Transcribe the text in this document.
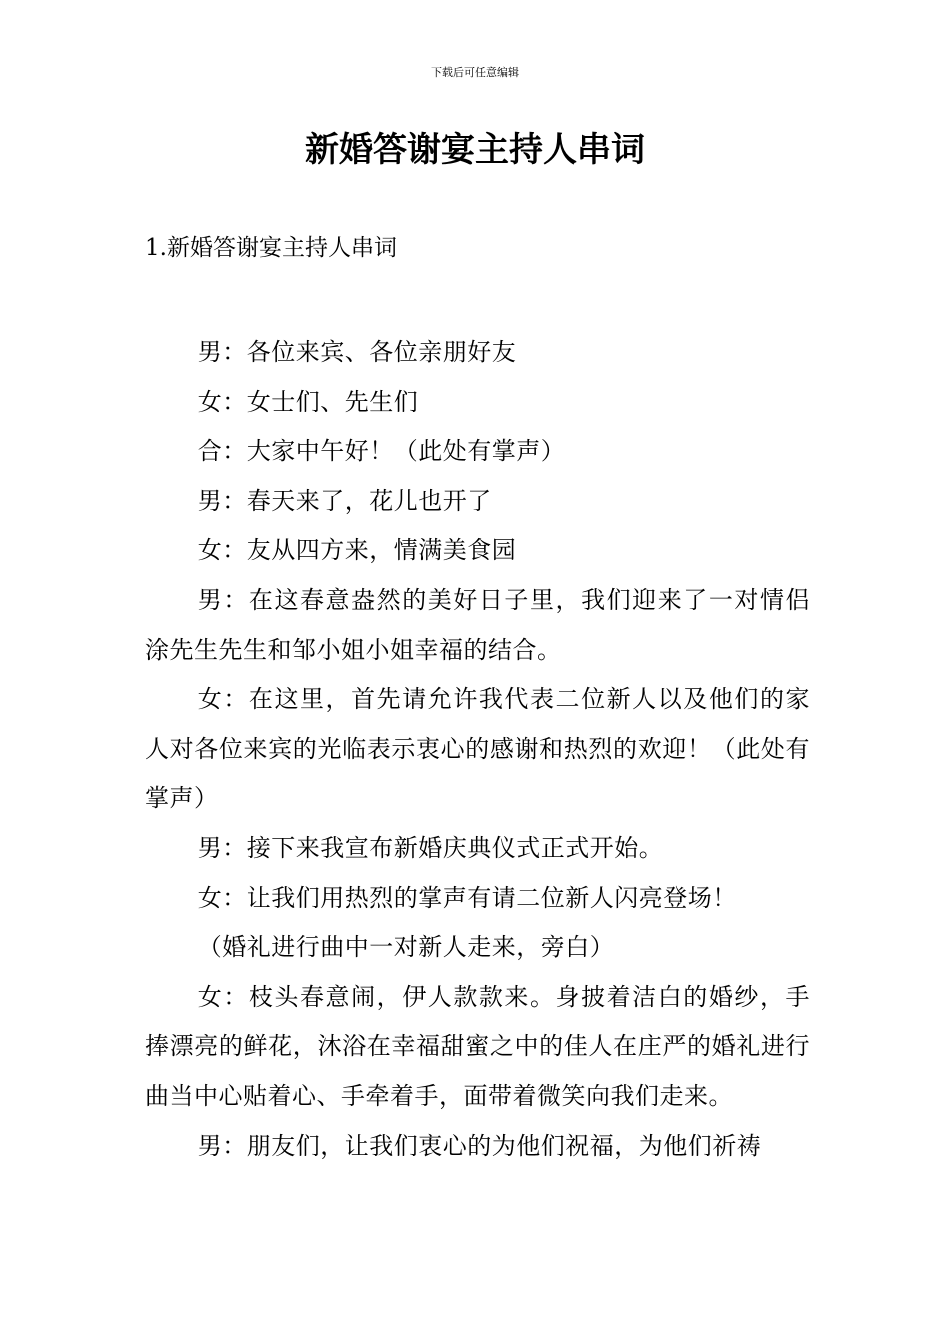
下载后可任意编辑
新婚答谢宴主持人串词
1.新婚答谢宴主持人串词

男：各位来宾、各位亲朋好友

女：女士们、先生们

合：大家中午好！（此处有掌声）

男：春天来了，花儿也开了

女：友从四方来，情满美食园

男：在这春意盎然的美好日子里，我们迎来了一对情侣涂先生先生和邹小姐小姐幸福的结合。

女：在这里，首先请允许我代表二位新人以及他们的家人对各位来宾的光临表示衷心的感谢和热烈的欢迎！（此处有掌声）

男：接下来我宣布新婚庆典仪式正式开始。

女：让我们用热烈的掌声有请二位新人闪亮登场！

（婚礼进行曲中一对新人走来，旁白）

女：枝头春意闹，伊人款款来。身披着洁白的婚纱，手捧漂亮的鲜花，沐浴在幸福甜蜜之中的佳人在庄严的婚礼进行曲当中心贴着心、手牵着手，面带着微笑向我们走来。

男：朋友们，让我们衷心的为他们祝福，为他们祈祷
